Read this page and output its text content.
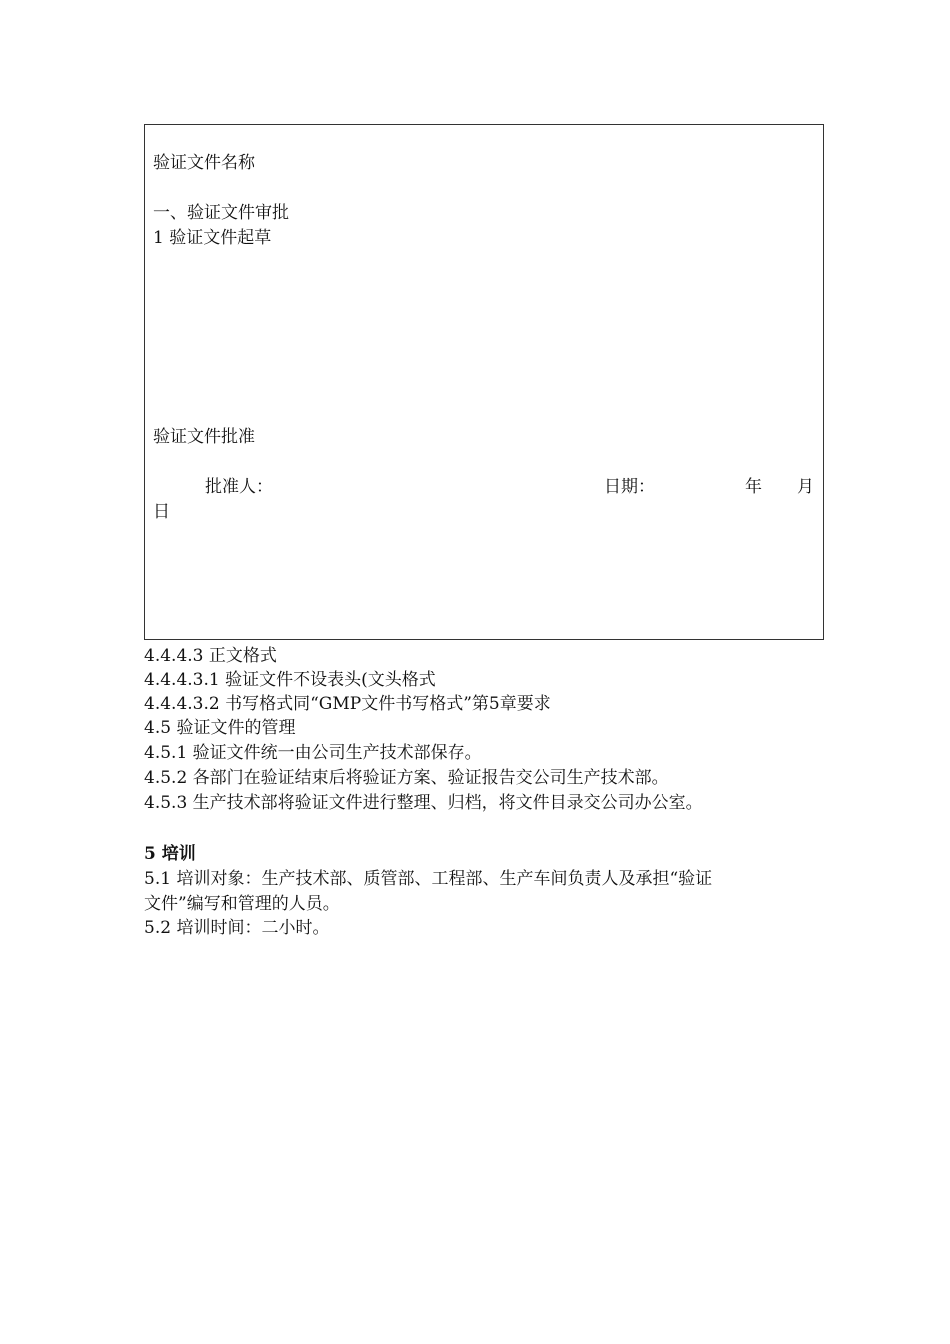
验证文件名称
一、验证文件审批
1 验证文件起草
验证文件批准
批准人：	日期：	年 月
日
4.4.4.3 正文格式
4.4.4.3.1 验证文件不设表头(文头格式
4.4.4.3.2 书写格式同“GMP文件书写格式”第5章要求
4.5 验证文件的管理
4.5.1 验证文件统一由公司生产技术部保存。
4.5.2 各部门在验证结束后将验证方案、验证报告交公司生产技术部。
4.5.3 生产技术部将验证文件进行整理、归档，将文件目录交公司办公室。
5 培训
5.1 培训对象：生产技术部、质管部、工程部、生产车间负责人及承担“验证
文件”编写和管理的人员。
5.2 培训时间：二小时。
